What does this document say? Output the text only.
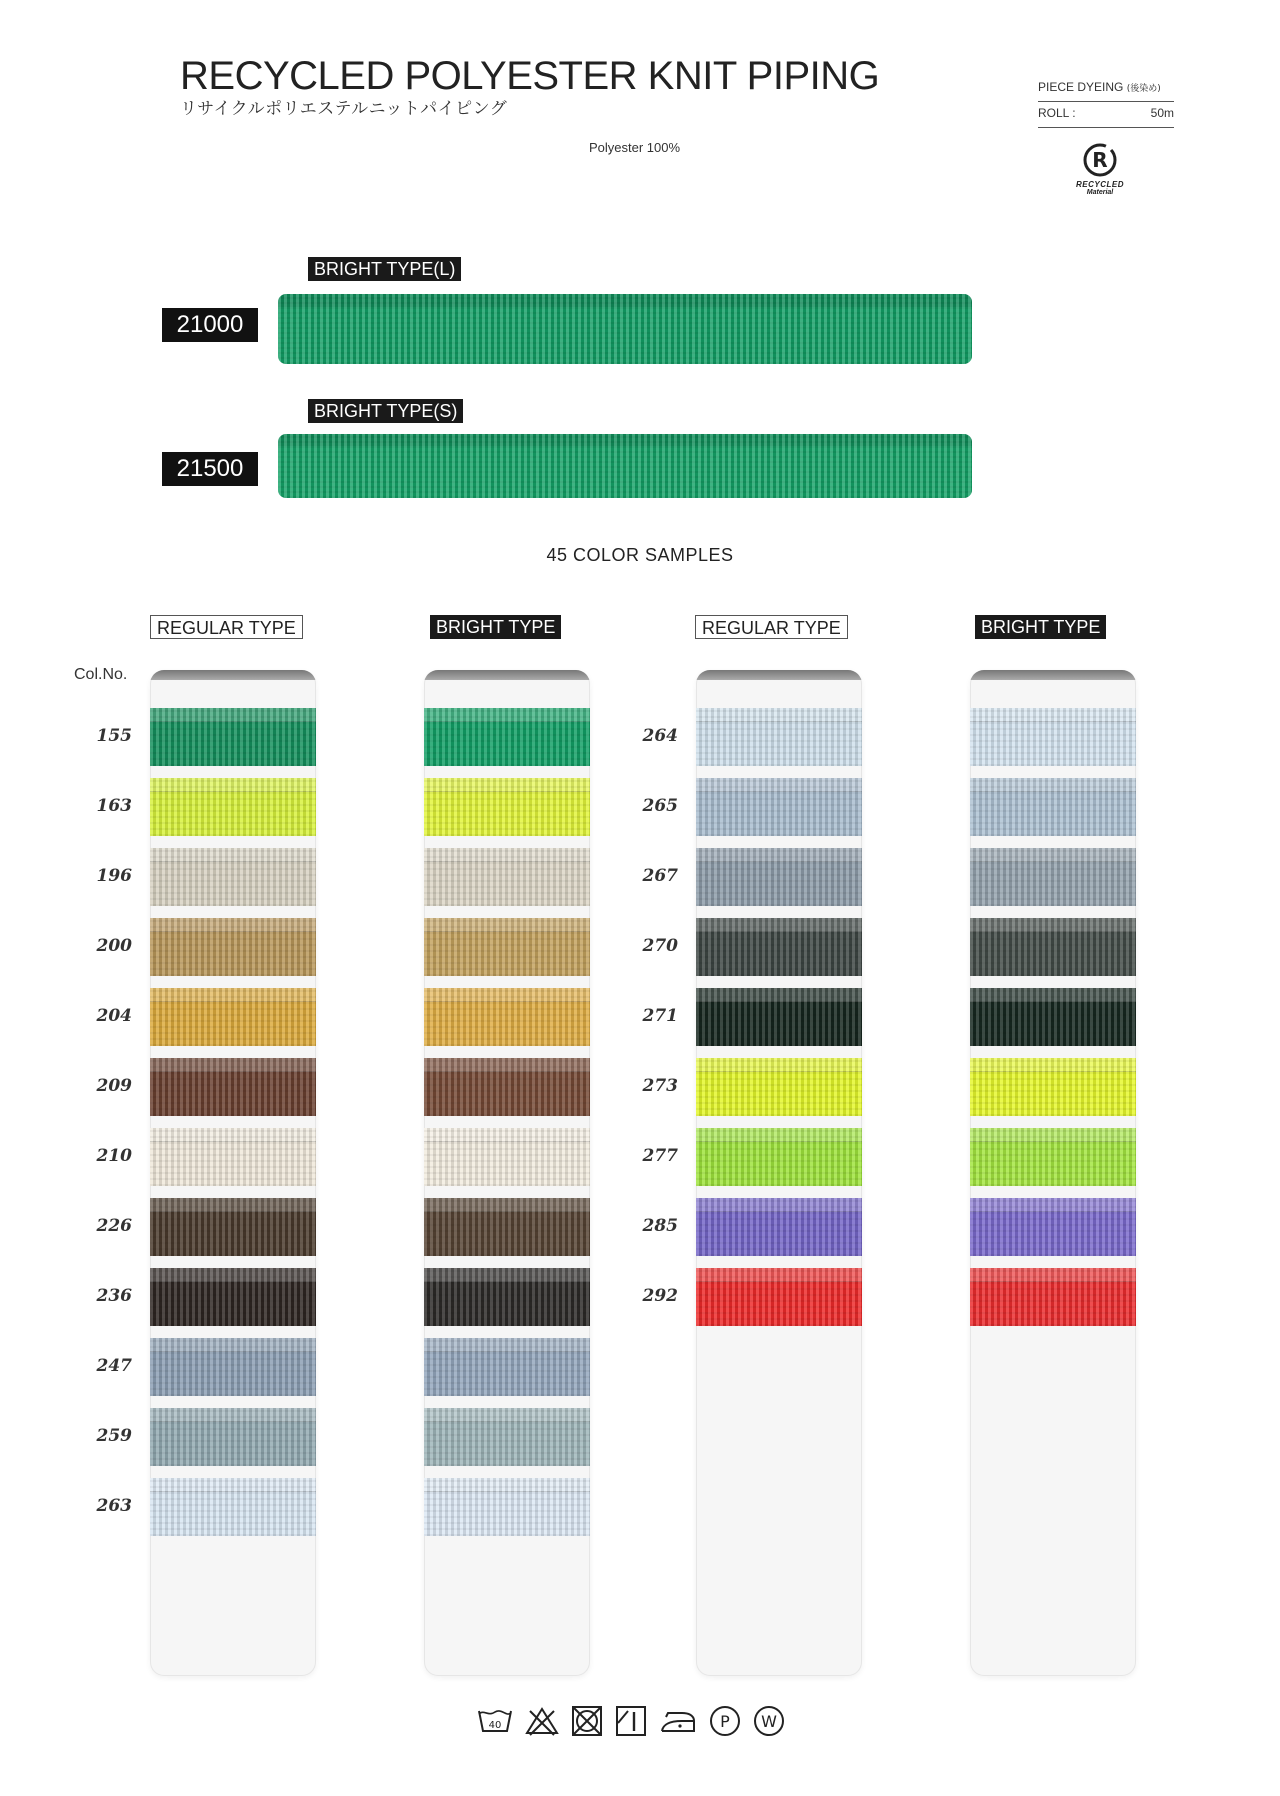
RECYCLED POLYESTER KNIT PIPING
リサイクルポリエステルニットパイピング
Polyester 100%
PIECE DYEING (後染め)
ROLL :	50m
R
RECYCLED
Material
BRIGHT TYPE(L)
21000
BRIGHT TYPE(S)
21500
45 COLOR SAMPLES
Col.No.
REGULAR TYPE	BRIGHT TYPE	REGULAR TYPE	BRIGHT TYPE
155
163
196
200
204
209
210
226
236
247
259
263
264
265
267
270
271
273
277
285
292
40	P W
